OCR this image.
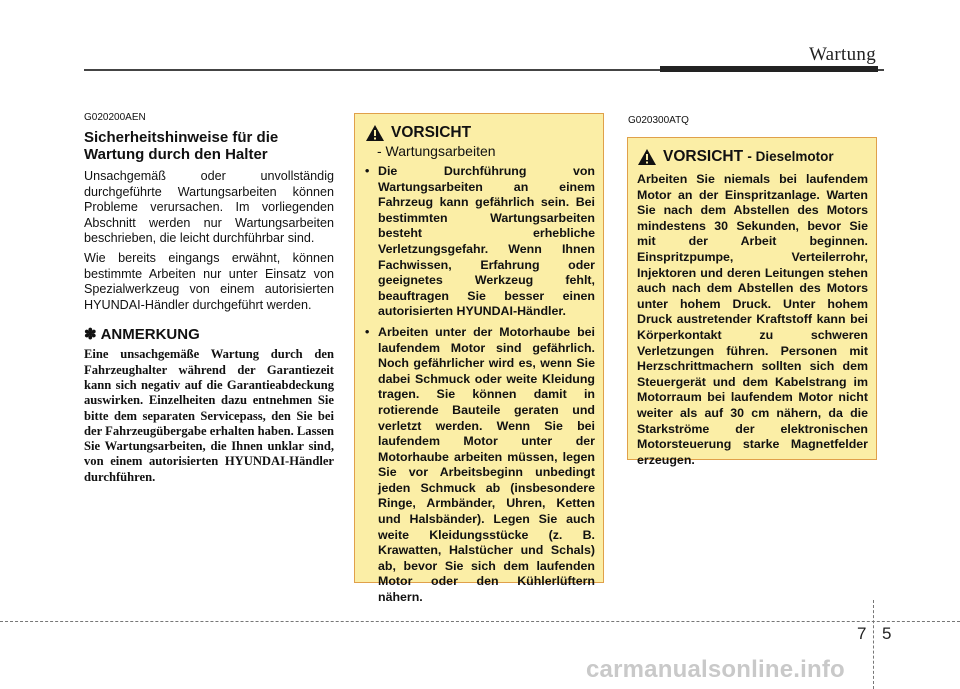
Wartung
G020200AEN
Sicherheitshinweise für die Wartung durch den Halter

Unsachgemäß oder unvollständig durchgeführte Wartungsarbeiten können Probleme verursachen. Im vorliegenden Abschnitt werden nur Wartungsarbeiten beschrieben, die leicht durchführbar sind.

Wie bereits eingangs erwähnt, können bestimmte Arbeiten nur unter Einsatz von Spezialwerkzeug von einem autorisierten HYUNDAI-Händler durchgeführt werden.

✽ ANMERKUNG
Eine unsachgemäße Wartung durch den Fahrzeughalter während der Garantiezeit kann sich negativ auf die Garantieabdeckung auswirken. Einzelheiten dazu entnehmen Sie bitte dem separaten Servicepass, den Sie bei der Fahrzeugübergabe erhalten haben. Lassen Sie Wartungsarbeiten, die Ihnen unklar sind, von einem autorisierten HYUNDAI-Händler durchführen.
VORSICHT
- Wartungsarbeiten
• Die Durchführung von Wartungsarbeiten an einem Fahrzeug kann gefährlich sein. Bei bestimmten Wartungsarbeiten besteht erhebliche Verletzungsgefahr. Wenn Ihnen Fachwissen, Erfahrung oder geeignetes Werkzeug fehlt, beauftragen Sie besser einen autorisierten HYUNDAI-Händler.
• Arbeiten unter der Motorhaube bei laufendem Motor sind gefährlich. Noch gefährlicher wird es, wenn Sie dabei Schmuck oder weite Kleidung tragen. Sie können damit in rotierende Bauteile geraten und verletzt werden. Wenn Sie bei laufendem Motor unter der Motorhaube arbeiten müssen, legen Sie vor Arbeitsbeginn unbedingt jeden Schmuck ab (insbesondere Ringe, Armbänder, Uhren, Ketten und Halsbänder). Legen Sie auch weite Kleidungsstücke (z. B. Krawatten, Halstücher und Schals) ab, bevor Sie sich dem laufenden Motor oder den Kühlerlüftern nähern.
G020300ATQ
VORSICHT - Dieselmotor
Arbeiten Sie niemals bei laufendem Motor an der Einspritzanlage. Warten Sie nach dem Abstellen des Motors mindestens 30 Sekunden, bevor Sie mit der Arbeit beginnen. Einspritzpumpe, Verteilerrohr, Injektoren und deren Leitungen stehen auch nach dem Abstellen des Motors unter hohem Druck. Unter hohem Druck austretender Kraftstoff kann bei Körperkontakt zu schweren Verletzungen führen. Personen mit Herzschrittmachern sollten sich dem Steuergerät und dem Kabelstrang im Motorraum bei laufendem Motor nicht weiter als auf 30 cm nähern, da die Starkströme der elektronischen Motorsteuerung starke Magnetfelder erzeugen.
7 5
carmanualsonline.info
